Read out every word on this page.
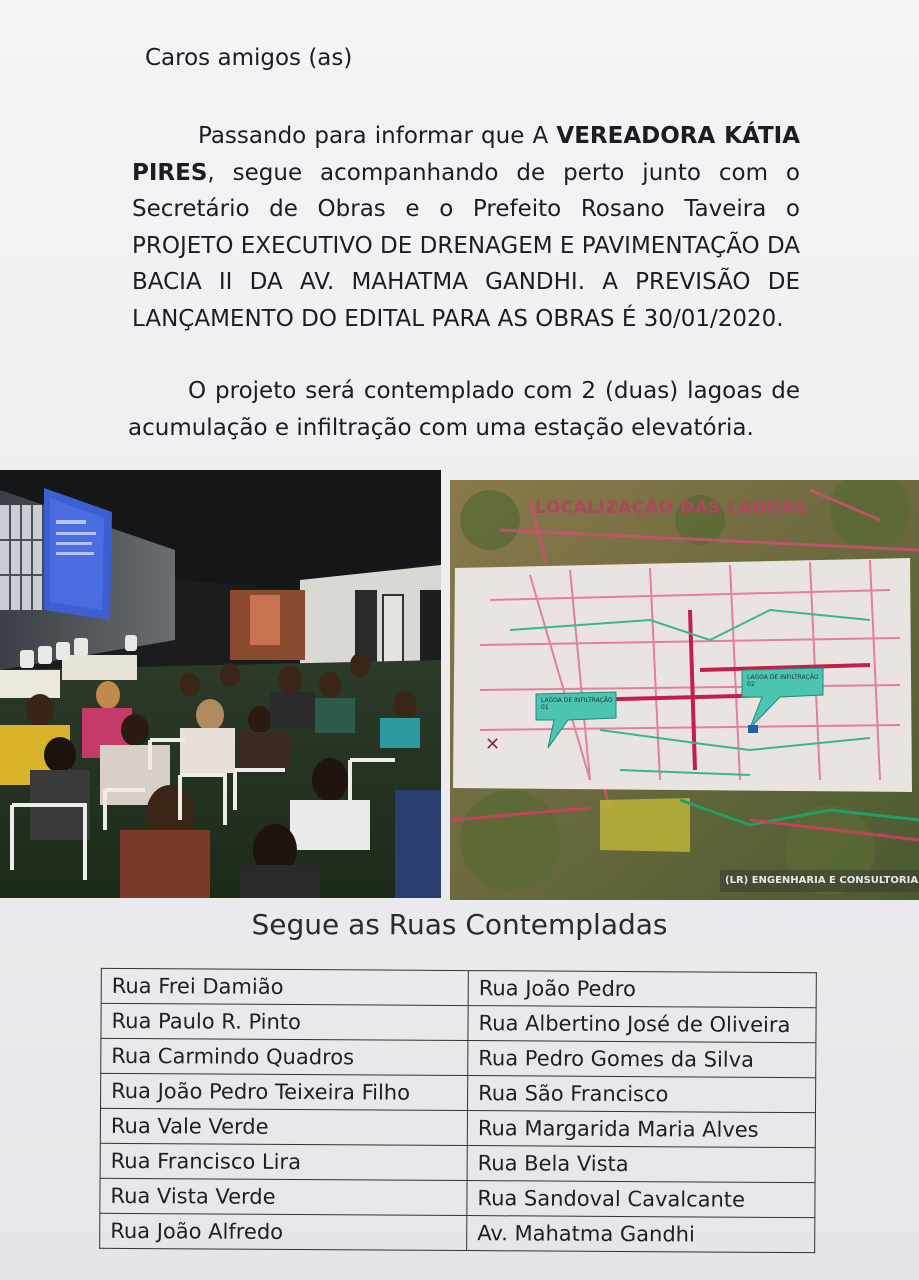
Caros amigos (as)
Passando para informar que A VEREADORA KÁTIA PIRES, segue acompanhando de perto junto com o Secretário de Obras e o Prefeito Rosano Taveira o PROJETO EXECUTIVO DE DRENAGEM E PAVIMENTAÇÃO DA BACIA II DA AV. MAHATMA GANDHI. A PREVISÃO DE LANÇAMENTO DO EDITAL PARA AS OBRAS É 30/01/2020.
O projeto será contemplado com 2 (duas) lagoas de acumulação e infiltração com uma estação elevatória.
✕
LOCALIZAÇÃO DAS LAGOAS
LAGOA DE INFILTRAÇÃO 01
LAGOA DE INFILTRAÇÃO 02
(LR) ENGENHARIA E CONSULTORIA
Segue as Ruas Contempladas
Rua Frei Damião	Rua João Pedro
Rua Paulo R. Pinto	Rua Albertino José de Oliveira
Rua Carmindo Quadros	Rua Pedro Gomes da Silva
Rua João Pedro Teixeira Filho	Rua São Francisco
Rua Vale Verde	Rua Margarida Maria Alves
Rua Francisco Lira	Rua Bela Vista
Rua Vista Verde	Rua Sandoval Cavalcante
Rua João Alfredo	Av. Mahatma Gandhi
